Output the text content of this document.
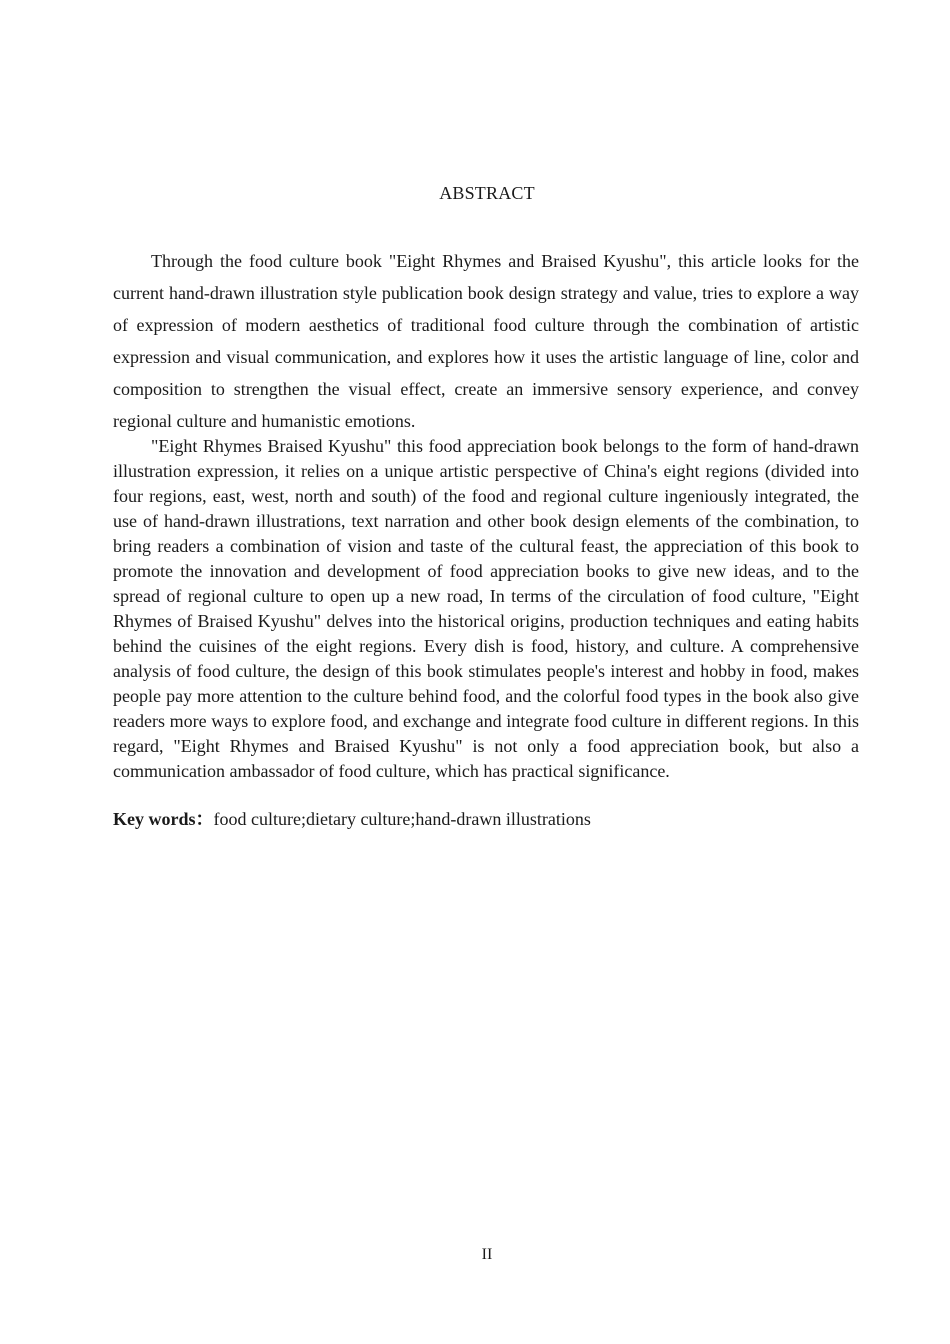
ABSTRACT

Through the food culture book "Eight Rhymes and Braised Kyushu", this article looks for the current hand-drawn illustration style publication book design strategy and value, tries to explore a way of expression of modern aesthetics of traditional food culture through the combination of artistic expression and visual communication, and explores how it uses the artistic language of line, color and composition to strengthen the visual effect, create an immersive sensory experience, and convey regional culture and humanistic emotions.

"Eight Rhymes Braised Kyushu" this food appreciation book belongs to the form of hand-drawn illustration expression, it relies on a unique artistic perspective of China's eight regions (divided into four regions, east, west, north and south) of the food and regional culture ingeniously integrated, the use of hand-drawn illustrations, text narration and other book design elements of the combination, to bring readers a combination of vision and taste of the cultural feast, the appreciation of this book to promote the innovation and development of food appreciation books to give new ideas, and to the spread of regional culture to open up a new road, In terms of the circulation of food culture, "Eight Rhymes of Braised Kyushu" delves into the historical origins, production techniques and eating habits behind the cuisines of the eight regions. Every dish is food, history, and culture. A comprehensive analysis of food culture, the design of this book stimulates people's interest and hobby in food, makes people pay more attention to the culture behind food, and the colorful food types in the book also give readers more ways to explore food, and exchange and integrate food culture in different regions. In this regard, "Eight Rhymes and Braised Kyushu" is not only a food appreciation book, but also a communication ambassador of food culture, which has practical significance.

Key words：food culture;dietary culture;hand-drawn illustrations
II
